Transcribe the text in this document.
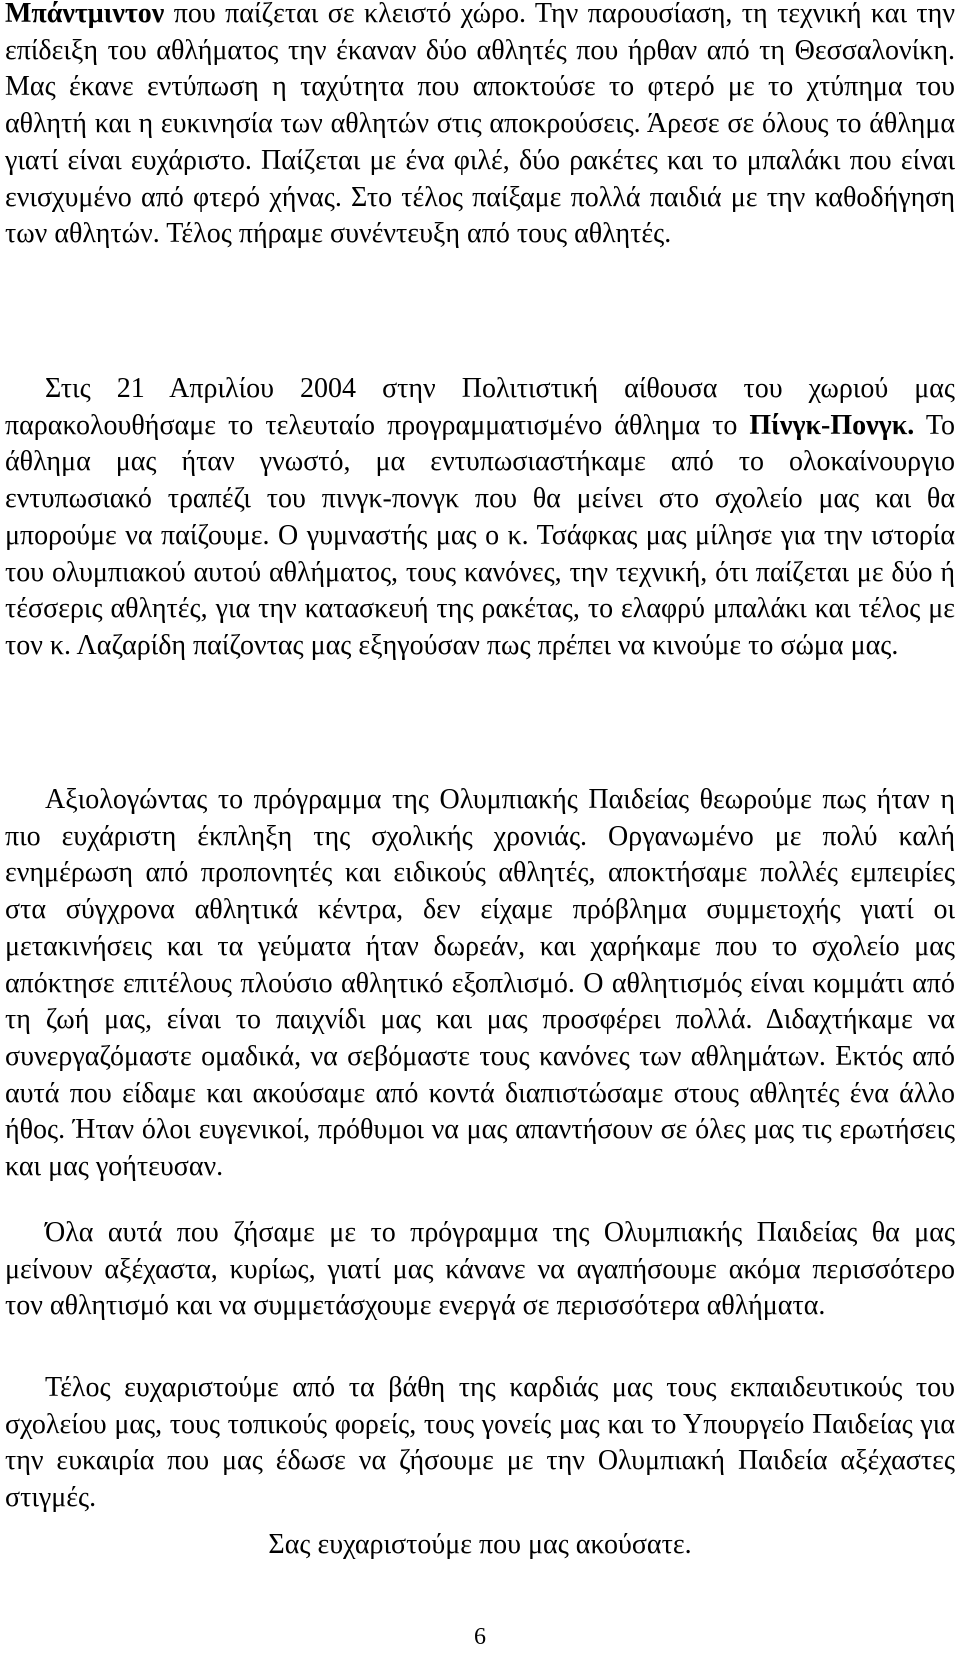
Μπάντμιντον που παίζεται σε κλειστό χώρο. Την παρουσίαση, τη τεχνική και την επίδειξη του αθλήματος την έκαναν δύο αθλητές που ήρθαν από τη Θεσσαλονίκη. Μας έκανε εντύπωση η ταχύτητα που αποκτούσε το φτερό με το χτύπημα του αθλητή και η ευκινησία των αθλητών στις αποκρούσεις. Άρεσε σε όλους το άθλημα γιατί είναι ευχάριστο. Παίζεται με ένα φιλέ, δύο ρακέτες και το μπαλάκι που είναι ενισχυμένο από φτερό χήνας. Στο τέλος παίξαμε πολλά παιδιά με την καθοδήγηση των αθλητών. Τέλος πήραμε συνέντευξη από τους αθλητές.

Στις 21 Απριλίου 2004 στην Πολιτιστική αίθουσα του χωριού μας παρακολουθήσαμε το τελευταίο προγραμματισμένο άθλημα το Πίνγκ-Πονγκ. Το άθλημα μας ήταν γνωστό, μα εντυπωσιαστήκαμε από το ολοκαίνουργιο εντυπωσιακό τραπέζι του πινγκ-πονγκ που θα μείνει στο σχολείο μας και θα μπορούμε να παίζουμε. Ο γυμναστής μας ο κ. Τσάφκας μας μίλησε για την ιστορία του ολυμπιακού αυτού αθλήματος, τους κανόνες, την τεχνική, ότι παίζεται με δύο ή τέσσερις αθλητές, για την κατασκευή της ρακέτας, το ελαφρύ μπαλάκι και τέλος με τον κ. Λαζαρίδη παίζοντας μας εξηγούσαν πως πρέπει να κινούμε το σώμα μας.

Αξιολογώντας το πρόγραμμα της Ολυμπιακής Παιδείας θεωρούμε πως ήταν η πιο ευχάριστη έκπληξη της σχολικής χρονιάς. Οργανωμένο με πολύ καλή ενημέρωση από προπονητές και ειδικούς αθλητές, αποκτήσαμε πολλές εμπειρίες στα σύγχρονα αθλητικά κέντρα, δεν είχαμε πρόβλημα συμμετοχής γιατί οι μετακινήσεις και τα γεύματα ήταν δωρεάν, και χαρήκαμε που το σχολείο μας απόκτησε επιτέλους πλούσιο αθλητικό εξοπλισμό. Ο αθλητισμός είναι κομμάτι από τη ζωή μας, είναι το παιχνίδι μας και μας προσφέρει πολλά. Διδαχτήκαμε να συνεργαζόμαστε ομαδικά, να σεβόμαστε τους κανόνες των αθλημάτων. Εκτός από αυτά που είδαμε και ακούσαμε από κοντά διαπιστώσαμε στους αθλητές ένα άλλο ήθος. Ήταν όλοι ευγενικοί, πρόθυμοι να μας απαντήσουν σε όλες μας τις ερωτήσεις και μας γοήτευσαν.

Όλα αυτά που ζήσαμε με το πρόγραμμα της Ολυμπιακής Παιδείας θα μας μείνουν αξέχαστα, κυρίως, γιατί μας κάνανε να αγαπήσουμε ακόμα περισσότερο τον αθλητισμό και να συμμετάσχουμε ενεργά σε περισσότερα αθλήματα.

Τέλος ευχαριστούμε από τα βάθη της καρδιάς μας τους εκπαιδευτικούς του σχολείου μας, τους τοπικούς φορείς, τους γονείς μας και το Υπουργείο Παιδείας για την ευκαιρία που μας έδωσε να ζήσουμε με την Ολυμπιακή Παιδεία αξέχαστες στιγμές.

Σας ευχαριστούμε που μας ακούσατε.

6
